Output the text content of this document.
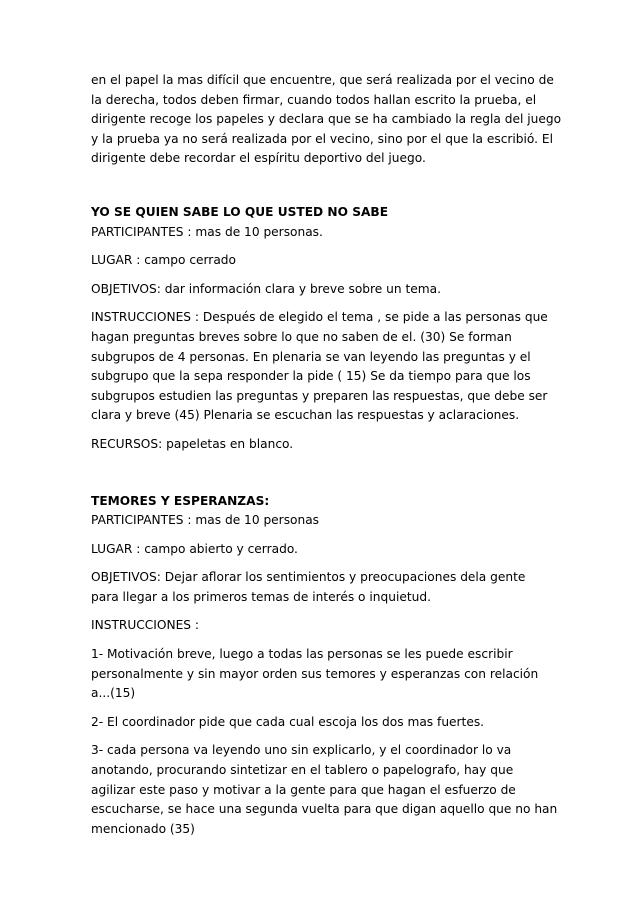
en el papel la mas difícil que encuentre, que será realizada por el vecino de
la derecha, todos deben firmar, cuando todos hallan escrito la prueba, el
dirigente recoge los papeles y declara que se ha cambiado la regla del juego
y la prueba ya no será realizada por el vecino, sino por el que la escribió. El
dirigente debe recordar el espíritu deportivo del juego.
YO SE QUIEN SABE LO QUE USTED NO SABE
PARTICIPANTES : mas de 10 personas.
LUGAR : campo cerrado
OBJETIVOS: dar información clara y breve sobre un tema.
INSTRUCCIONES : Después de elegido el tema , se pide a las personas que
hagan preguntas breves sobre lo que no saben de el. (30) Se forman
subgrupos de 4 personas. En plenaria se van leyendo las preguntas y el
subgrupo que la sepa responder la pide ( 15) Se da tiempo para que los
subgrupos estudien las preguntas y preparen las respuestas, que debe ser
clara y breve (45) Plenaria se escuchan las respuestas y aclaraciones.
RECURSOS: papeletas en blanco.
TEMORES Y ESPERANZAS:
PARTICIPANTES : mas de 10 personas
LUGAR : campo abierto y cerrado.
OBJETIVOS: Dejar aflorar los sentimientos y preocupaciones dela gente
para llegar a los primeros temas de interés o inquietud.
INSTRUCCIONES :
1- Motivación breve, luego a todas las personas se les puede escribir
personalmente y sin mayor orden sus temores y esperanzas con relación
a...(15)
2- El coordinador pide que cada cual escoja los dos mas fuertes.
3- cada persona va leyendo uno sin explicarlo, y el coordinador lo va
anotando, procurando sintetizar en el tablero o papelografo, hay que
agilizar este paso y motivar a la gente para que hagan el esfuerzo de
escucharse, se hace una segunda vuelta para que digan aquello que no han
mencionado (35)
